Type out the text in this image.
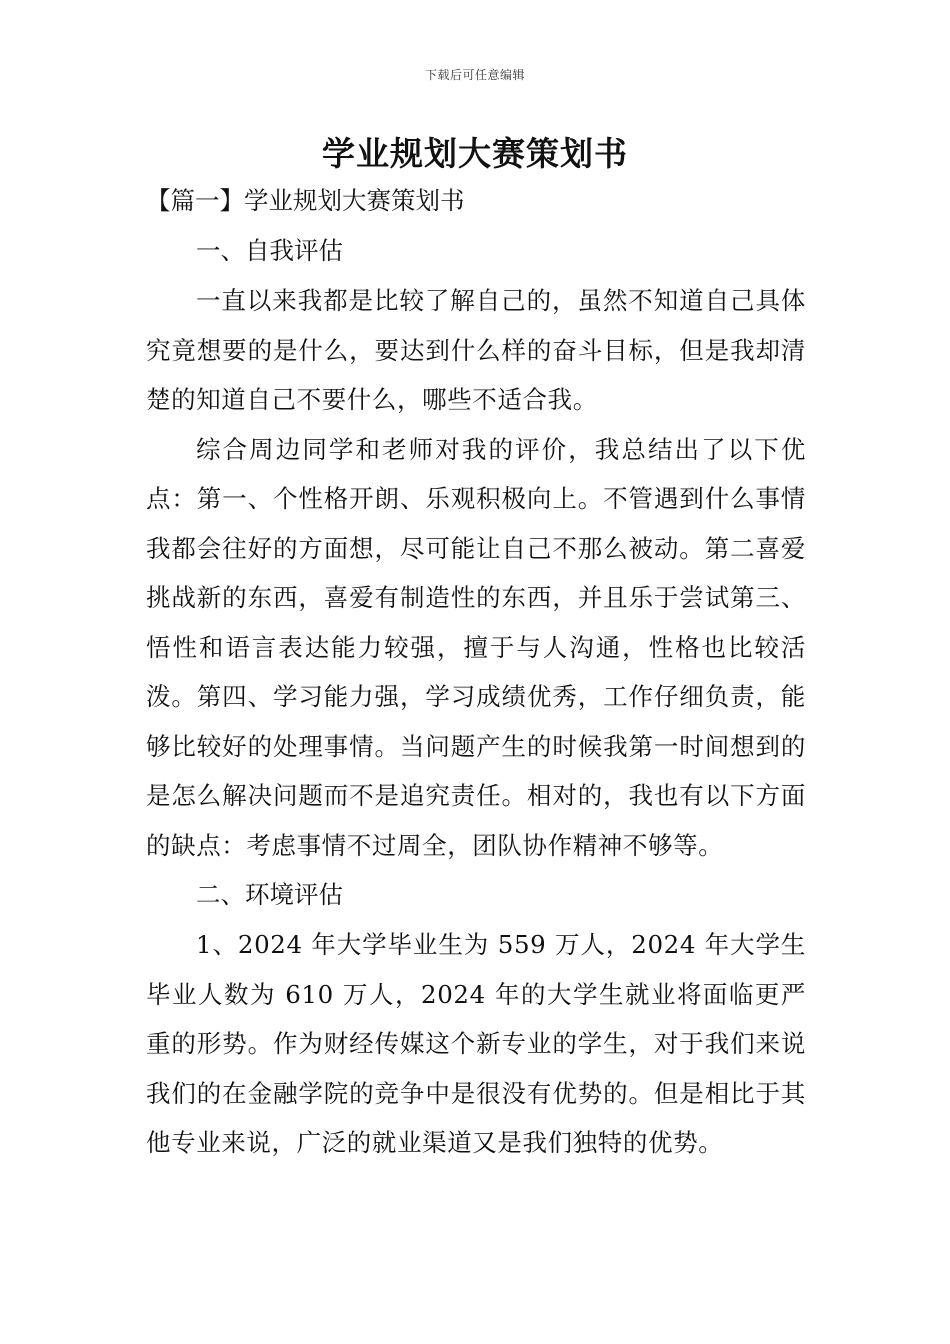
下载后可任意编辑
学业规划大赛策划书

【篇一】学业规划大赛策划书

一、自我评估

一直以来我都是比较了解自己的，虽然不知道自己具体究竟想要的是什么，要达到什么样的奋斗目标，但是我却清楚的知道自己不要什么，哪些不适合我。

综合周边同学和老师对我的评价，我总结出了以下优点：第一、个性格开朗、乐观积极向上。不管遇到什么事情我都会往好的方面想，尽可能让自己不那么被动。第二喜爱挑战新的东西，喜爱有制造性的东西，并且乐于尝试第三、悟性和语言表达能力较强，擅于与人沟通，性格也比较活泼。第四、学习能力强，学习成绩优秀，工作仔细负责，能够比较好的处理事情。当问题产生的时候我第一时间想到的是怎么解决问题而不是追究责任。相对的，我也有以下方面的缺点：考虑事情不过周全，团队协作精神不够等。

二、环境评估

1、2024 年大学毕业生为 559 万人，2024 年大学生毕业人数为 610 万人，2024 年的大学生就业将面临更严重的形势。作为财经传媒这个新专业的学生，对于我们来说我们的在金融学院的竞争中是很没有优势的。但是相比于其他专业来说，广泛的就业渠道又是我们独特的优势。
